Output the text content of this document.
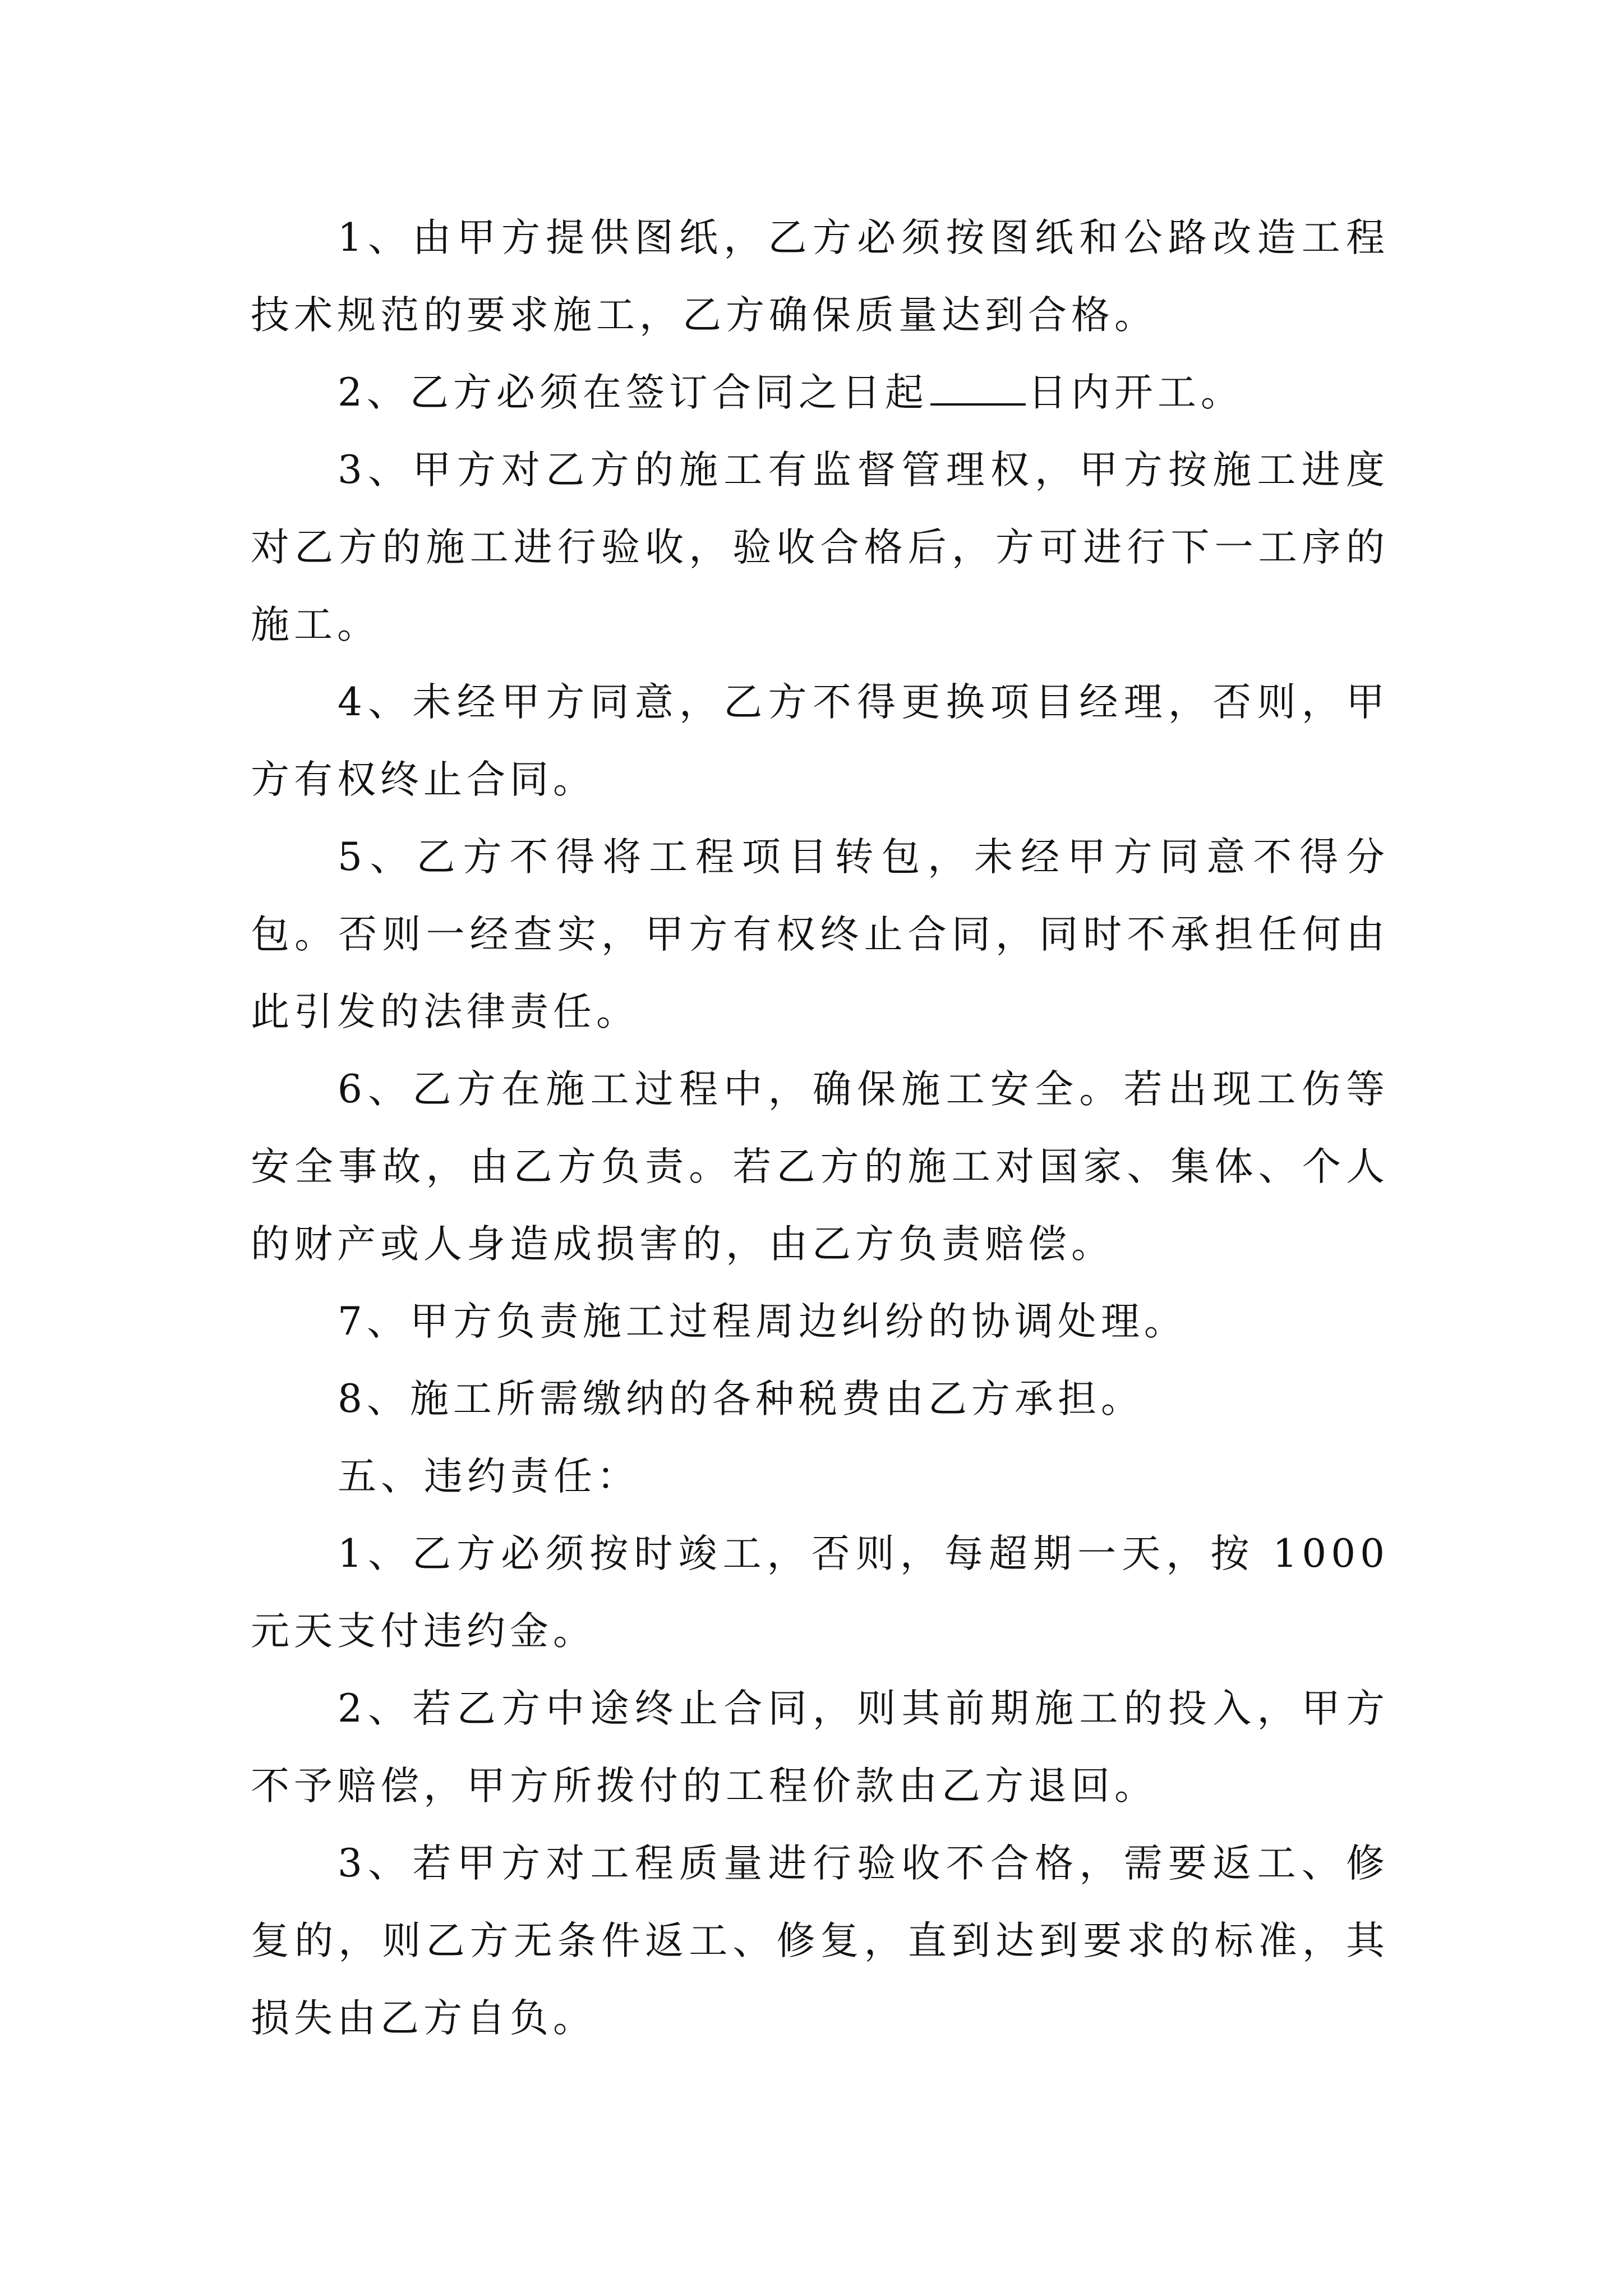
1、由甲方提供图纸，乙方必须按图纸和公路改造工程技术规范的要求施工，乙方确保质量达到合格。

2、乙方必须在签订合同之日起	日内开工。

3、甲方对乙方的施工有监督管理权，甲方按施工进度对乙方的施工进行验收，验收合格后，方可进行下一工序的施工。

4、未经甲方同意，乙方不得更换项目经理，否则，甲方有权终止合同。

5、乙方不得将工程项目转包，未经甲方同意不得分包。否则一经查实，甲方有权终止合同，同时不承担任何由此引发的法律责任。

6、乙方在施工过程中，确保施工安全。若出现工伤等安全事故，由乙方负责。若乙方的施工对国家、集体、个人的财产或人身造成损害的，由乙方负责赔偿。

7、甲方负责施工过程周边纠纷的协调处理。

8、施工所需缴纳的各种税费由乙方承担。

五、违约责任：

1、乙方必须按时竣工，否则，每超期一天，按 1000 元天支付违约金。

2、若乙方中途终止合同，则其前期施工的投入，甲方不予赔偿，甲方所拨付的工程价款由乙方退回。

3、若甲方对工程质量进行验收不合格，需要返工、修复的，则乙方无条件返工、修复，直到达到要求的标准，其损失由乙方自负。
